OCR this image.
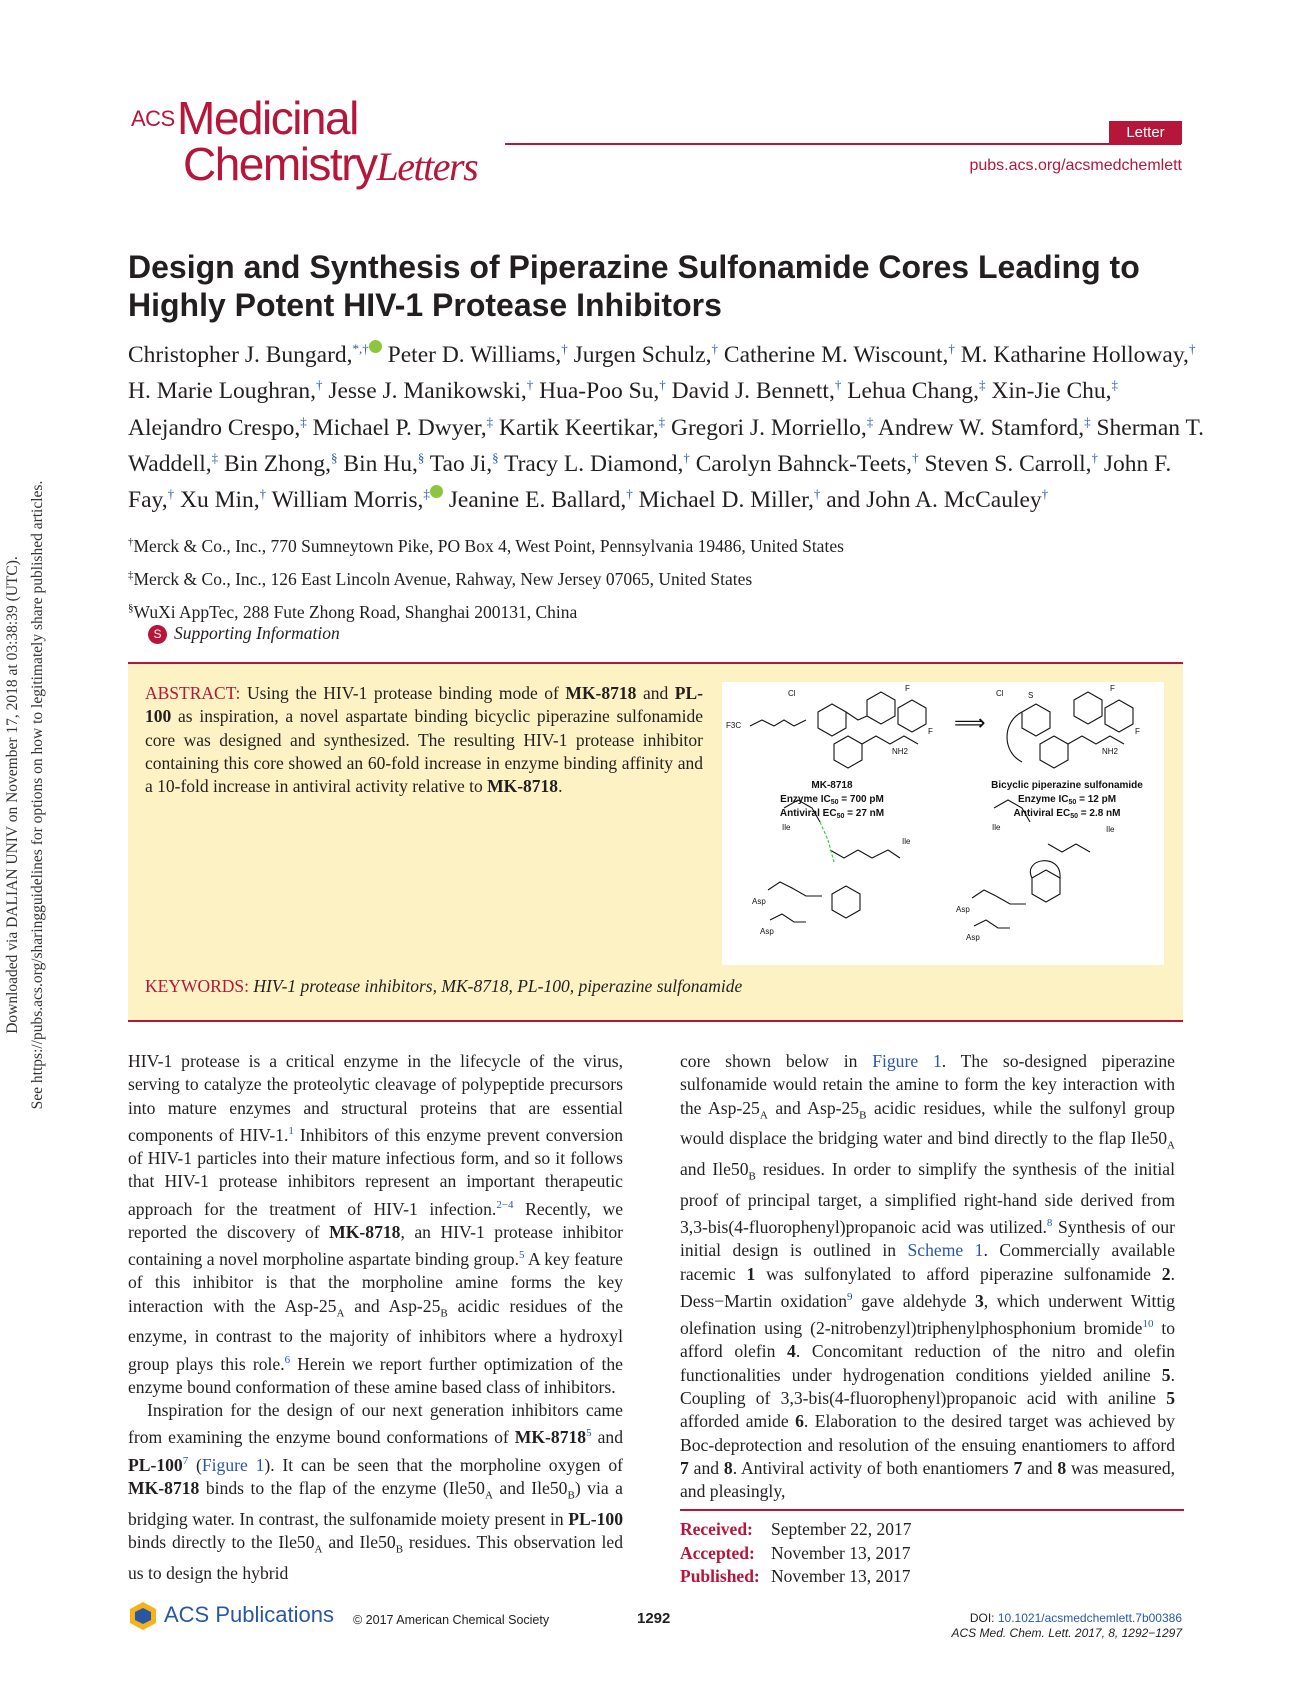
Downloaded via DALIAN UNIV on November 17, 2018 at 03:38:39 (UTC). See https://pubs.acs.org/sharingguidelines for options on how to legitimately share published articles.
ACS Medicinal
ChemistryLetters
Letter
pubs.acs.org/acsmedchemlett
Design and Synthesis of Piperazine Sulfonamide Cores Leading to Highly Potent HIV-1 Protease Inhibitors
Christopher J. Bungard,*,† Peter D. Williams,† Jurgen Schulz,† Catherine M. Wiscount,† M. Katharine Holloway,† H. Marie Loughran,† Jesse J. Manikowski,† Hua-Poo Su,† David J. Bennett,† Lehua Chang,‡ Xin-Jie Chu,‡ Alejandro Crespo,‡ Michael P. Dwyer,‡ Kartik Keertikar,‡ Gregori J. Morriello,‡ Andrew W. Stamford,‡ Sherman T. Waddell,‡ Bin Zhong,§ Bin Hu,§ Tao Ji,§ Tracy L. Diamond,† Carolyn Bahnck-Teets,† Steven S. Carroll,† John F. Fay,† Xu Min,† William Morris,‡ Jeanine E. Ballard,† Michael D. Miller,† and John A. McCauley†
†Merck & Co., Inc., 770 Sumneytown Pike, PO Box 4, West Point, Pennsylvania 19486, United States
‡Merck & Co., Inc., 126 East Lincoln Avenue, Rahway, New Jersey 07065, United States
§WuXi AppTec, 288 Fute Zhong Road, Shanghai 200131, China
S Supporting Information
ABSTRACT: Using the HIV-1 protease binding mode of MK-8718 and PL-100 as inspiration, a novel aspartate binding bicyclic piperazine sulfonamide core was designed and synthesized. The resulting HIV-1 protease inhibitor containing this core showed an 60-fold increase in enzyme binding affinity and a 10-fold increase in antiviral activity relative to MK-8718.
Cl
F
F
F3C
NH2
Cl
F
F
NH2
S
Ile
Ile
Asp
Asp
Ile	Ile
Asp
Asp
⟹
MK-8718
Enzyme $IC_{50} = 700$ pM
Antiviral $EC_{50} = 27$ nM
Bicyclic piperazine sulfonamide
Enzyme $IC_{50} = 12$ pM
Antiviral $EC_{50} = 2.8$ nM
KEYWORDS: HIV-1 protease inhibitors, MK-8718, PL-100, piperazine sulfonamide

HIV-1 protease is a critical enzyme in the lifecycle of the virus, serving to catalyze the proteolytic cleavage of polypeptide precursors into mature enzymes and structural proteins that are essential components of HIV-1.$^1$ Inhibitors of this enzyme prevent conversion of HIV-1 particles into their mature infectious form, and so it follows that HIV-1 protease inhibitors represent an important therapeutic approach for the treatment of HIV-1 infection.$^{2-4}$ Recently, we reported the discovery of MK-8718, an HIV-1 protease inhibitor containing a novel morpholine aspartate binding group.$^5$ A key feature of this inhibitor is that the morpholine amine forms the key interaction with the Asp-$25_A$ and Asp-$25_B$ acidic residues of the enzyme, in contrast to the majority of inhibitors where a hydroxyl group plays this role.$^6$ Herein we report further optimization of the enzyme bound conformation of these amine based class of inhibitors.

Inspiration for the design of our next generation inhibitors came from examining the enzyme bound conformations of MK-8718$^5$ and $PL-100^7$ (Figure 1). It can be seen that the morpholine oxygen of MK-8718 binds to the flap of the enzyme ($Ile50_A$ and $Ile50_B$) via a bridging water. In contrast, the sulfonamide moiety present in PL-100 binds directly to the $Ile50_A$ and $Ile50_B$ residues. This observation led us to design the hybrid

core shown below in Figure 1. The so-designed piperazine sulfonamide would retain the amine to form the key interaction with the Asp-$25_A$ and Asp-$25_B$ acidic residues, while the sulfonyl group would displace the bridging water and bind directly to the flap $Ile50_A$ and $Ile50_B$ residues. In order to simplify the synthesis of the initial proof of principal target, a simplified right-hand side derived from 3,3-bis(4-fluorophenyl)propanoic acid was utilized.$^8$ Synthesis of our initial design is outlined in Scheme 1. Commercially available racemic 1 was sulfonylated to afford piperazine sulfonamide 2. Dess−Martin oxidation$^9$ gave aldehyde 3, which underwent Wittig olefination using (2-nitrobenzyl)triphenylphosphonium bromide$^{10}$ to afford olefin 4. Concomitant reduction of the nitro and olefin functionalities under hydrogenation conditions yielded aniline 5. Coupling of 3,3-bis(4-fluorophenyl)propanoic acid with aniline 5 afforded amide 6. Elaboration to the desired target was achieved by Boc-deprotection and resolution of the ensuing enantiomers to afford 7 and 8. Antiviral activity of both enantiomers 7 and 8 was measured, and pleasingly,

Received: September 22, 2017
Accepted: November 13, 2017
Published: November 13, 2017
ACS Publications © 2017 American Chemical Society	1292	DOI: 10.1021/acsmedchemlett.7b00386
ACS Med. Chem. Lett. 2017, 8, 1292−1297
